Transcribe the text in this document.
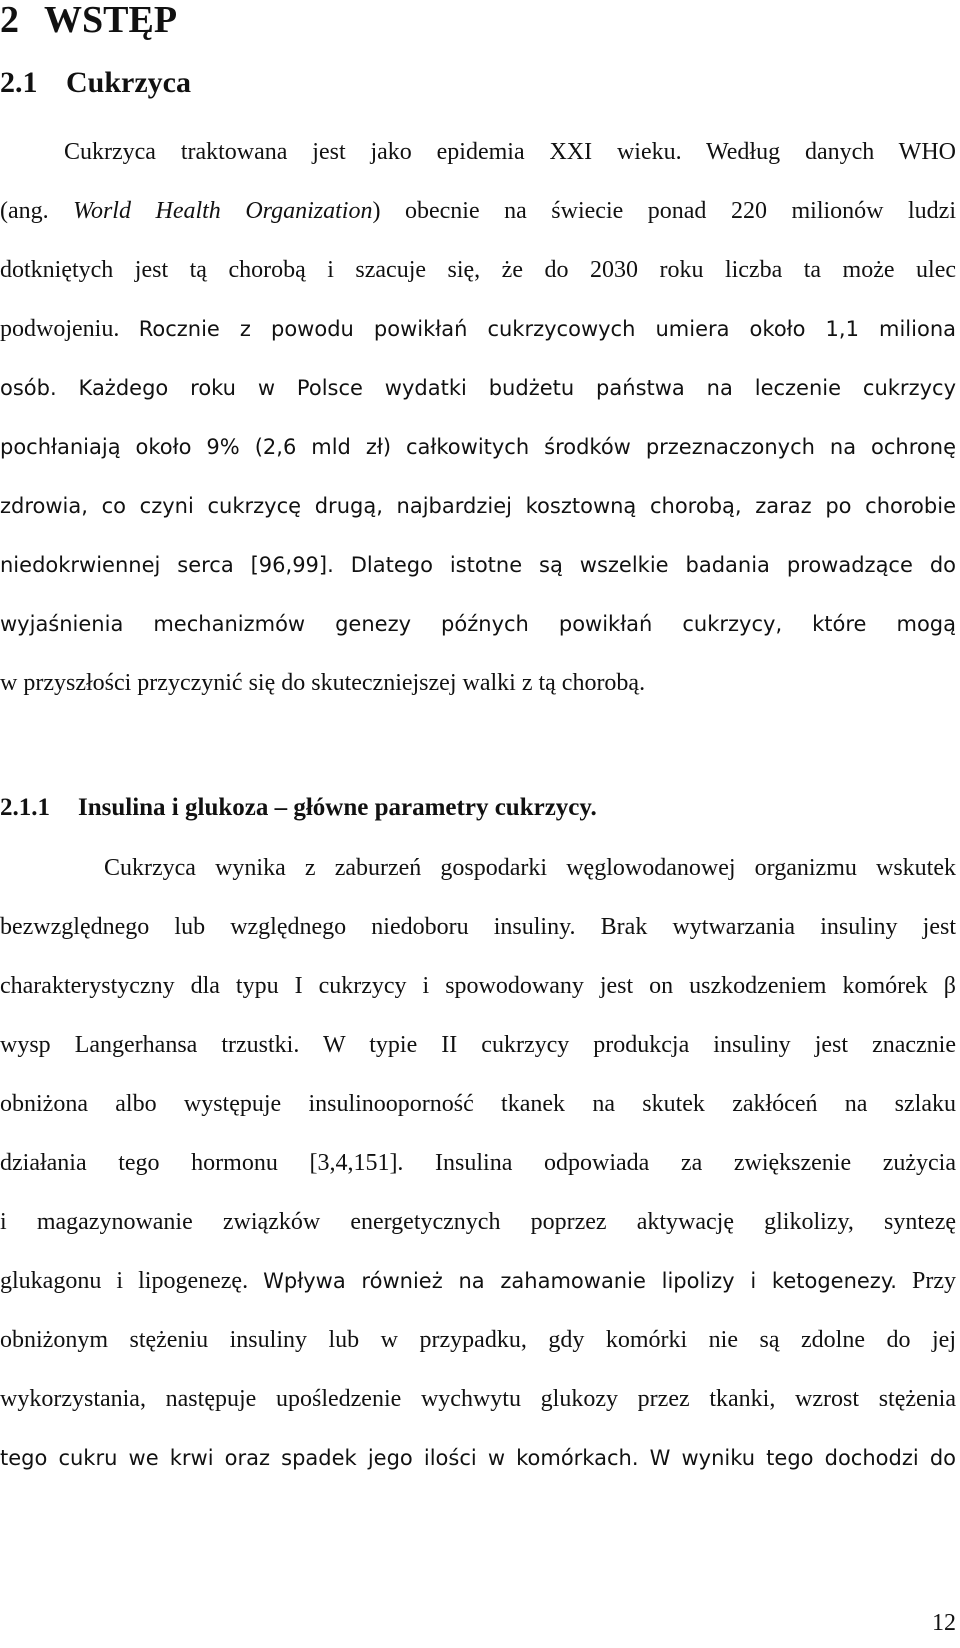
2 WSTĘP
2.1 Cukrzyca

Cukrzyca traktowana jest jako epidemia XXI wieku. Według danych WHO

(ang. World Health Organization) obecnie na świecie ponad 220 milionów ludzi

dotkniętych jest tą chorobą i szacuje się, że do 2030 roku liczba ta może ulec

podwojeniu. Rocznie z powodu powikłań cukrzycowych umiera około 1,1 miliona

osób. Każdego roku w Polsce wydatki budżetu państwa na leczenie cukrzycy

pochłaniają około 9% (2,6 mld zł) całkowitych środków przeznaczonych na ochronę

zdrowia, co czyni cukrzycę drugą, najbardziej kosztowną chorobą, zaraz po chorobie

niedokrwiennej serca [96,99]. Dlatego istotne są wszelkie badania prowadzące do

wyjaśnienia mechanizmów genezy późnych powikłań cukrzycy, które mogą

w przyszłości przyczynić się do skuteczniejszej walki z tą chorobą.

2.1.1 Insulina i glukoza – główne parametry cukrzycy.

Cukrzyca wynika z zaburzeń gospodarki węglowodanowej organizmu wskutek

bezwzględnego lub względnego niedoboru insuliny. Brak wytwarzania insuliny jest

charakterystyczny dla typu I cukrzycy i spowodowany jest on uszkodzeniem komórek β

wysp Langerhansa trzustki. W typie II cukrzycy produkcja insuliny jest znacznie

obniżona albo występuje insulinooporność tkanek na skutek zakłóceń na szlaku

działania tego hormonu [3,4,151]. Insulina odpowiada za zwiększenie zużycia

i magazynowanie związków energetycznych poprzez aktywację glikolizy, syntezę

glukagonu i lipogenezę. Wpływa również na zahamowanie lipolizy i ketogenezy. Przy

obniżonym stężeniu insuliny lub w przypadku, gdy komórki nie są zdolne do jej

wykorzystania, następuje upośledzenie wychwytu glukozy przez tkanki, wzrost stężenia

tego cukru we krwi oraz spadek jego ilości w komórkach. W wyniku tego dochodzi do

12
